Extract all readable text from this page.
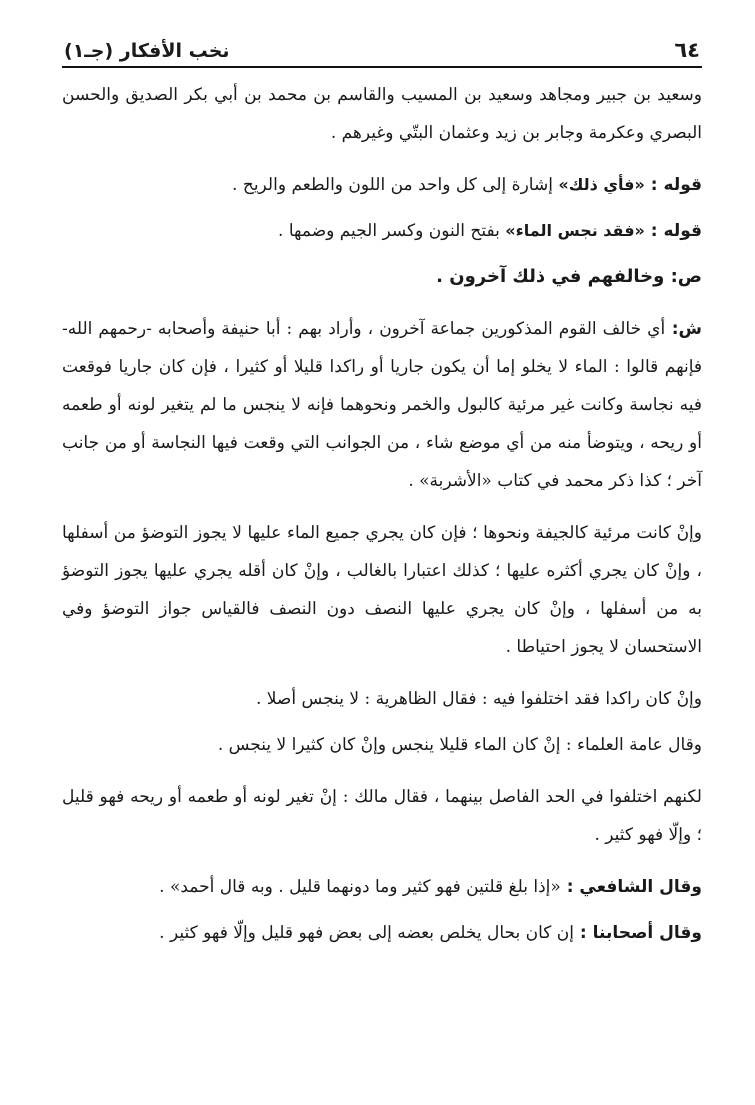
٦٤
نخب الأفكار (جـ١)

وسعيد بن جبير ومجاهد وسعيد بن المسيب والقاسم بن محمد بن أبي بكر الصديق والحسن البصري وعكرمة وجابر بن زيد وعثمان البتّي وغيرهم .

قوله : «فأي ذلك» إشارة إلى كل واحد من اللون والطعم والريح .

قوله : «فقد نجس الماء» بفتح النون وكسر الجيم وضمها .

ص: وخالفهم في ذلك آخرون .

ش: أي خالف القوم المذكورين جماعة آخرون ، وأراد بهم : أبا حنيفة وأصحابه -رحمهم الله- فإنهم قالوا : الماء لا يخلو إما أن يكون جاريا أو راكدا قليلا أو كثيرا ، فإن كان جاريا فوقعت فيه نجاسة وكانت غير مرئية كالبول والخمر ونحوهما فإنه لا ينجس ما لم يتغير لونه أو طعمه أو ريحه ، ويتوضأ منه من أي موضع شاء ، من الجوانب التي وقعت فيها النجاسة أو من جانب آخر ؛ كذا ذكر محمد في كتاب «الأشربة» .

وإنْ كانت مرئية كالجيفة ونحوها ؛ فإن كان يجري جميع الماء عليها لا يجوز التوضؤ من أسفلها ، وإنْ كان يجري أكثره عليها ؛ كذلك اعتبارا بالغالب ، وإنْ كان أقله يجري عليها يجوز التوضؤ به من أسفلها ، وإنْ كان يجري عليها النصف دون النصف فالقياس جواز التوضؤ وفي الاستحسان لا يجوز احتياطا .

وإنْ كان راكدا فقد اختلفوا فيه : فقال الظاهرية : لا ينجس أصلا .

وقال عامة العلماء : إنْ كان الماء قليلا ينجس وإنْ كان كثيرا لا ينجس .

لكنهم اختلفوا في الحد الفاصل بينهما ، فقال مالك : إنْ تغير لونه أو طعمه أو ريحه فهو قليل ؛ وإلّا فهو كثير .

وقال الشافعي : «إذا بلغ قلتين فهو كثير وما دونهما قليل . وبه قال أحمد» .

وقال أصحابنا : إن كان بحال يخلص بعضه إلى بعض فهو قليل وإلّا فهو كثير .
